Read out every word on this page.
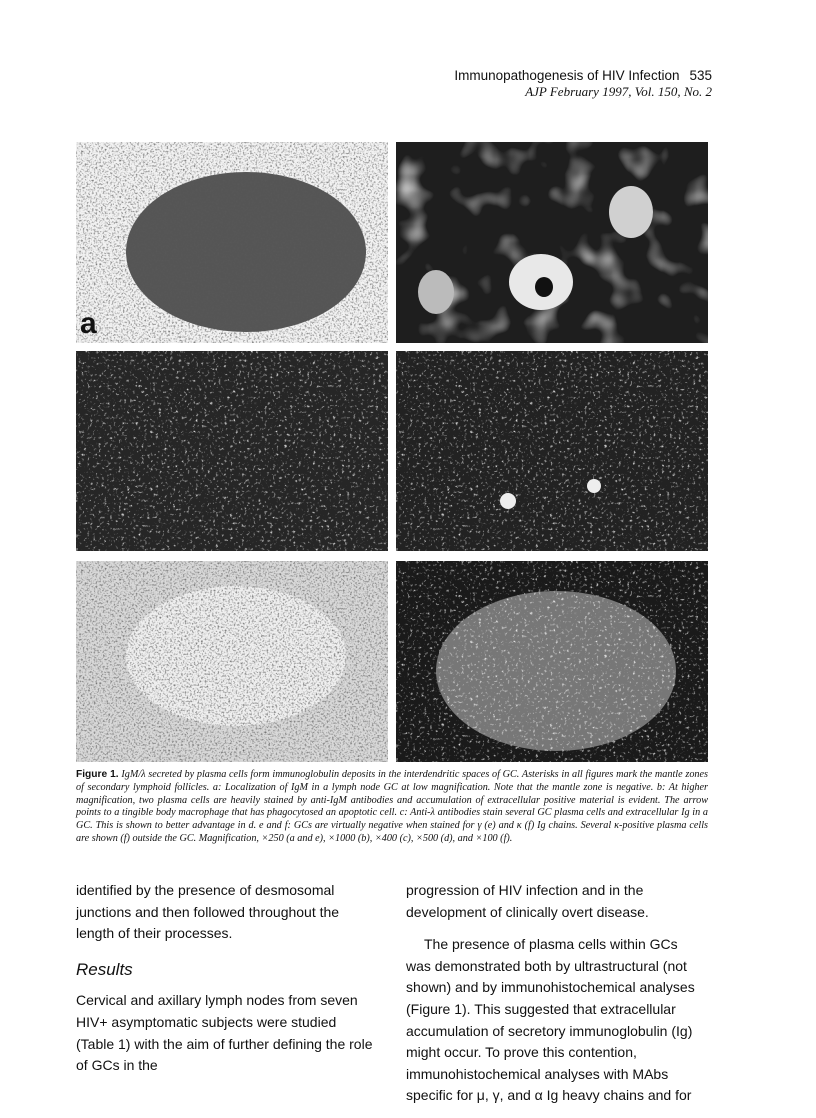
Immunopathogenesis of HIV Infection 535
AJP February 1997, Vol. 150, No. 2
a
Figure 1. IgM/λ secreted by plasma cells form immunoglobulin deposits in the interdendritic spaces of GC. Asterisks in all figures mark the mantle zones of secondary lymphoid follicles. a: Localization of IgM in a lymph node GC at low magnification. Note that the mantle zone is negative. b: At higher magnification, two plasma cells are heavily stained by anti-IgM antibodies and accumulation of extracellular positive material is evident. The arrow points to a tingible body macrophage that has phagocytosed an apoptotic cell. c: Anti-λ antibodies stain several GC plasma cells and extracellular Ig in a GC. This is shown to better advantage in d. e and f: GCs are virtually negative when stained for γ (e) and κ (f) Ig chains. Several κ-positive plasma cells are shown (f) outside the GC. Magnification, ×250 (a and e), ×1000 (b), ×400 (c), ×500 (d), and ×100 (f).

identified by the presence of desmosomal junctions and then followed throughout the length of their processes.

Results

Cervical and axillary lymph nodes from seven HIV+ asymptomatic subjects were studied (Table 1) with the aim of further defining the role of GCs in the

progression of HIV infection and in the development of clinically overt disease.

The presence of plasma cells within GCs was demonstrated both by ultrastructural (not shown) and by immunohistochemical analyses (Figure 1). This suggested that extracellular accumulation of secretory immunoglobulin (Ig) might occur. To prove this contention, immunohistochemical analyses with MAbs specific for μ, γ, and α Ig heavy chains and for
